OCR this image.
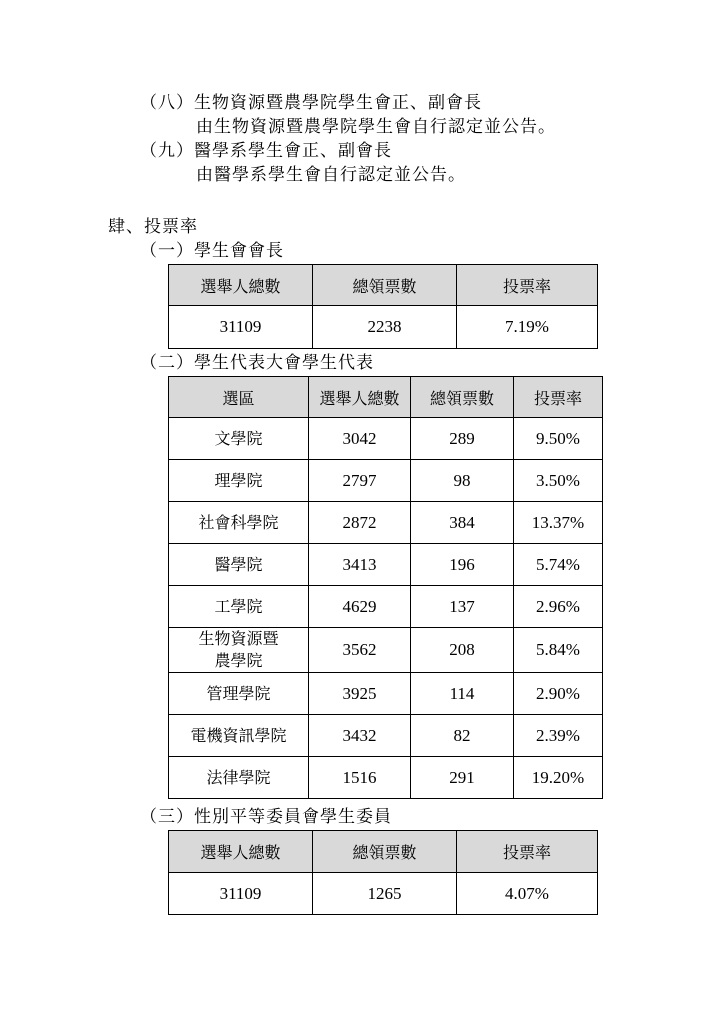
（八）生物資源暨農學院學生會正、副會長
由生物資源暨農學院學生會自行認定並公告。
（九）醫學系學生會正、副會長
由醫學系學生會自行認定並公告。
肆、投票率
（一）學生會會長
選舉人總數	總領票數	投票率
31109	2238	7.19%
（二）學生代表大會學生代表
選區	選舉人總數	總領票數	投票率
文學院	3042	289	9.50%
理學院	2797	98	3.50%
社會科學院	2872	384	13.37%
醫學院	3413	196	5.74%
工學院	4629	137	2.96%
生物資源暨
農學院	3562	208	5.84%
管理學院	3925	114	2.90%
電機資訊學院	3432	82	2.39%
法律學院	1516	291	19.20%
（三）性別平等委員會學生委員
選舉人總數	總領票數	投票率
31109	1265	4.07%
